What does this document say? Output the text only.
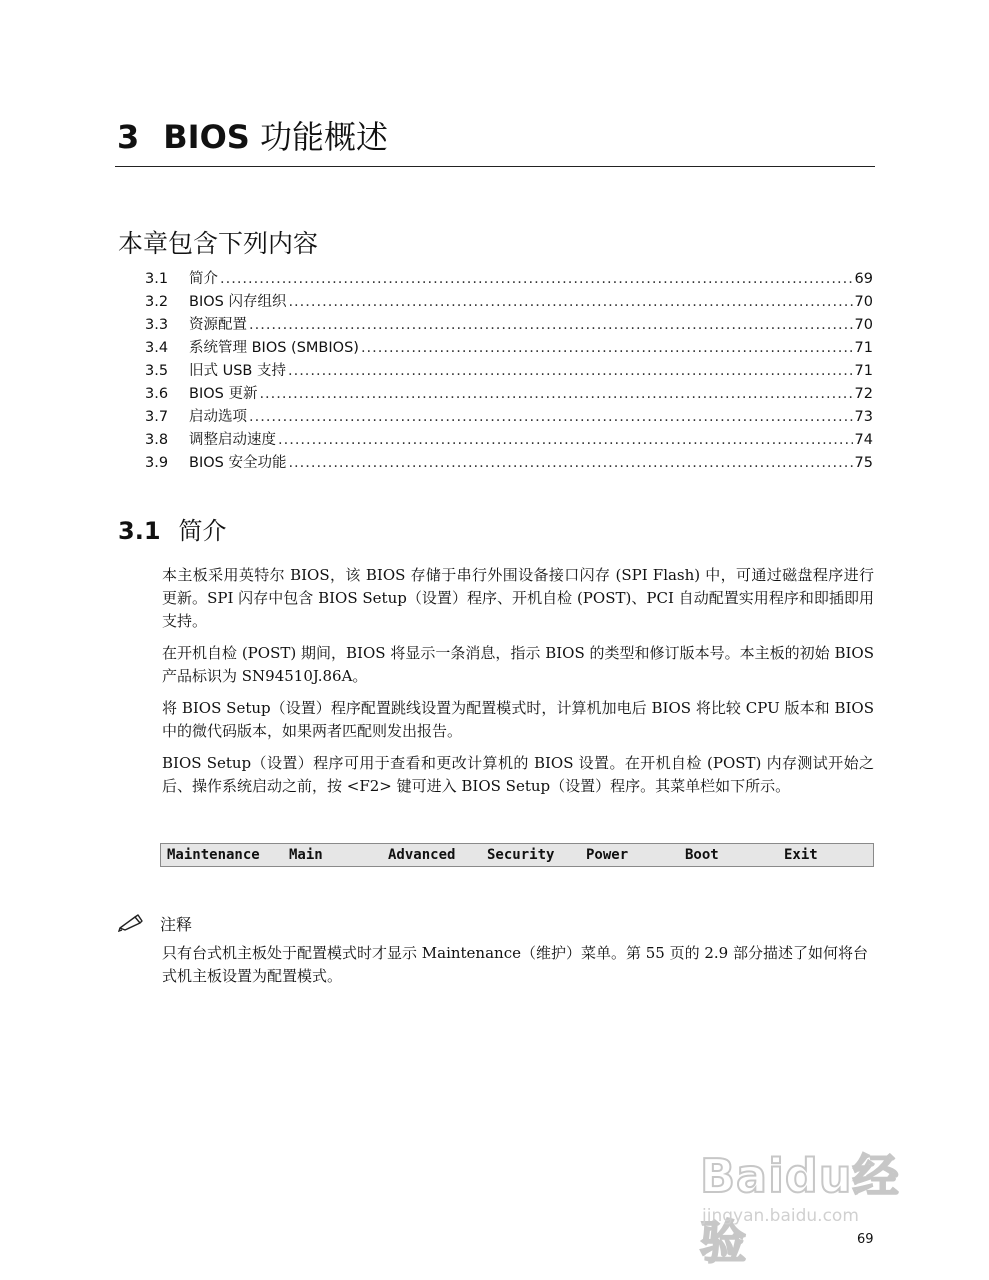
3 BIOS 功能概述
本章包含下列内容
3.1	简介 .....	69
3.2	BIOS 闪存组织 .....	70
3.3	资源配置 .....	70
3.4	系统管理 BIOS (SMBIOS) .....	71
3.5	旧式 USB 支持 .....	71
3.6	BIOS 更新 .....	72
3.7	启动选项 .....	73
3.8	调整启动速度 .....	74
3.9	BIOS 安全功能 .....	75
3.1 简介

本主板采用英特尔 BIOS，该 BIOS 存储于串行外围设备接口闪存 (SPI Flash) 中，可通过磁盘程序进行更新。SPI 闪存中包含 BIOS Setup（设置）程序、开机自检 (POST)、PCI 自动配置实用程序和即插即用支持。

在开机自检 (POST) 期间，BIOS 将显示一条消息，指示 BIOS 的类型和修订版本号。本主板的初始 BIOS 产品标识为 SN94510J.86A。

将 BIOS Setup（设置）程序配置跳线设置为配置模式时，计算机加电后 BIOS 将比较 CPU 版本和 BIOS 中的微代码版本，如果两者匹配则发出报告。

BIOS Setup（设置）程序可用于查看和更改计算机的 BIOS 设置。在开机自检 (POST) 内存测试开始之后、操作系统启动之前，按 <F2> 键可进入 BIOS Setup（设置）程序。其菜单栏如下所示。

Maintenance Main	Advanced Security Power	Boot	Exit
注释

只有台式机主板处于配置模式时才显示 Maintenance（维护）菜单。第 55 页的 2.9 部分描述了如何将台式机主板设置为配置模式。

Baidu经验
jingyan.baidu.com
69
